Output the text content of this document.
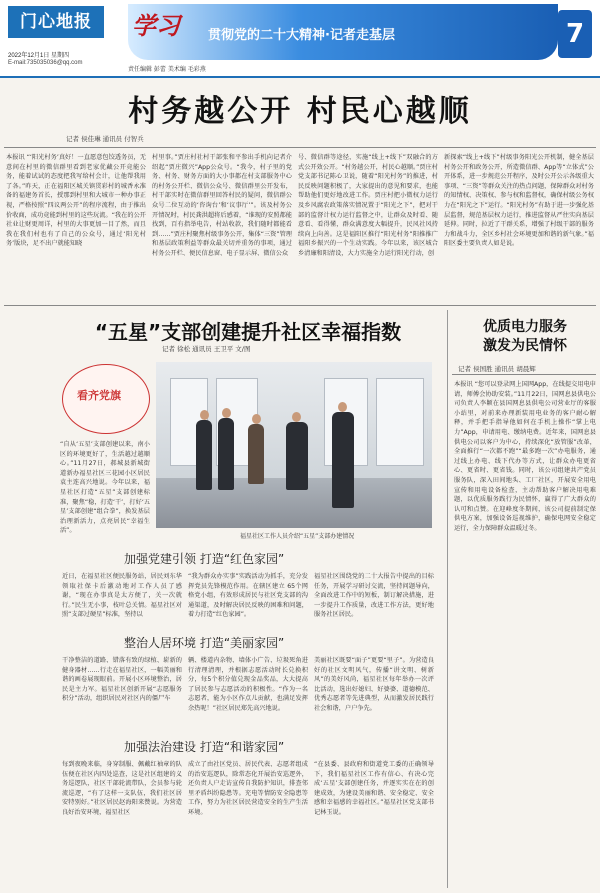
门心地报
2022年12月1日 星期四
E-mail:735035036@qq.com
学习 贯彻党的二十大精神·记者走基层	7
责任编辑 彭蕾 美术编 毛彩燕
村务越公开 村民心越顺
记者 侯佳琳 通讯员 付智兵
本报讯 “‘阳光村务’真好！一直愿意包饺透务员，无意间在村里的微信群里看到老家优藏公开竟能公务，能着试试的态度把我写给村会计，让他帮我用了各。”昨天，正在福阳区城关镇贯彩村的城香永准备的福建务首长，授那到村里和大城市一种办事正视，严格按照“四议两公开”的程序流程，由于推出价收商，成功竟能到村里的这些玩流。“我在的公开社业让财更周详，村里的大事更加一目了然，而且我在我们村也有了自己的公众号，通过‘阳光村务’版块，足不出户就能知晓
村里事。”贾庄村社村干部张和平参出手机向记者介绍起“贾庄微兴”App公众号。“我今，村子里的党务、村务、财务方面的大小事都在村支部服务中心的村务公开栏、微信公众号、微信群里公开发布，村干部实时在微信群里回答村民的疑问，微信群公众号二位互动的‘咨询台’和‘议事厅’”。该及村务公开情况时，村民龚洪超将后感着，“谁现的安照都能找到，百有指举电告，村站收款，我们随时都能看到……”贾庄村聚焦村级事务公开，集体“三资”管理和基层政策利益等群众最关切并重务的事项，通过村务公开栏、便民信息窗、电子显示屏、微信公众
号、微信群等途径，实施“线上+线下”双融合的方式公开效公开。“村务越公开，村民心越顺。”贾庄村党支部书记陈心卫说，随着“阳光村务”的推进，村民反映问题积极了，大家提出的意见和要求，也能帮助他们更好地改进工作。贾庄村把小微权力运行及乡风腐农政策落实情况置于“阳光之下”，把对干部的监督计权力运行监督之中，让群众及时看、随意看、看得懂，群众满意度大幅提升，民风社风持续向上向善。这是福阳区推行“阳光村务”阳推推广福阳乡振兴的一个生动实践。今年以来，该区城合乡清廉和阳清设，大力实施全力运行阳光行动，创
新探索“线上+线下”村级事务阳光公开机制，健全基层村务公开和政务公开，所造微信群、App等“立体式”公开体系，进一步规范公开程序，及时公开公示各级重大事项、“三资”等群众关注的热点问题，保障群众对村务的知情权、决策权、参与权和监督权，确保村级公务权力在“阳光之下”运行。“阳光村务”有助于进一步强化基层监督，规范基层权力运行，推进监督从严往实向基层延伸。同时，拉近了干群关系，增强了村级干部的服务力和战斗力，全区乡村社会环境更加和谐的新气象。”福阳区委主要负责人如是说。
“五星”支部创建提升社区幸福指数
记者 徐松 通讯员 王卫平 文/图
看齐党旗
“自从‘五星’支部创建以来，南小区的环境更好了，生活越过越顺心。”11月27日，郝城县新城街道新办福星社区三花园小区居民袁主连高兴地说。今年以来，福星社区打造“五星”支部创建标准，聚焦“稳，打造‘干’，打好‘五星’支部创建“组合拳”，换发基层治理新活力，点亮居民“幸福生活”。
福星社区工作人员介绍“五星”支部办建情况
加强党建引领 打造“红色家园”
近日，在福星社区便民服务站，居民刘东华领取社保卡后激动地对工作人员了感谢，“现在办事真是太方便了，关一次就行。”民生无小事，枝叶总关情。福星社区对照“支部过硬星”标准，坚持以
“我为群众办实事”实践活动为抓手，充分发挥党员先锋模范作用。在辖区建立 65个网格党小组，有效形成居民与社区党支部的沟通渠道，及时解决居民反映的困难和问题，着力打造“红色家园”。
福星社区围绕党的二十大报告中提出的目标任务，开展学习研讨交流，坚持问题导向，全面改进工作中的短板，制订解决措施，进一步提升工作质量，改进工作方法，更好地服务社区居民。
整治人居环境 打造“美丽家园”
干净整洁的道路、错落有致的绿植、崭新的健身器材……行走在福星社区，一幅美丽和谐的画卷展现眼前。开展小区环境整治，居民是主力军。福星社区创新开展“志愿服务积分”活动，组织居民对社区内的僵尸车
辆、楼道内杂物、墙体小广告、垃圾死角进行清理清理，并根据志愿活动时长兑换积分，每5个积分值兑现金品奖品，大大提高了居民参与志愿活动的积极性。“作为一名志愿者，能为小区作点儿贡献，也满足发挥余热呢！”社区居民郑先高兴地说。
美丽社区既要“面子”更要“里子”。为营造良好的社区文明风气，传播“讲文明、树新风”的美好风尚，福星社区每年举办一次评比活动，选出好媳妇、好婆婆、道德模范、优秀志愿者等先进典型，从而激发居民践行社会和谐，户户争先。
加强法治建设 打造“和谐家园”
每到夜晚来临，身穿制服、佩戴红袖章的队伍便在社区内四处巡查，这是社区组建的义务巡逻队，社区干部轮流带队，会员参与轮流巡逻，“有了这样一支队伍，我们社区居安特别好。”社区居民赵海阳来赞说。为营造良好治安环境，福星社区
成立了由社区党员、居民代表、志愿者组成的治安巡逻队，除常态化开展治安巡逻外，还负责人户走访宣传自我防护知识，排查邻里矛盾纠纷隐患等。充电等情防安全隐患等工作，努力为社区居民营造安全的生产生活环境。
“在县委、县政府和街道党工委的正确领导下，我们福星社区工作有信心、有决心完成‘五星’支部创建任务，并逐实实在在的创建成效，为建设美丽和谐、安全稳定、安全感和幸福感的幸福社区。”福星社区党支部书记林玉说。
优质电力服务
激发为民情怀
记者 侯国胜 通讯员 胡晨辉
本报讯 “您可以登录网上国网App，在线提交用电申请，师傅会协助安装。”11月22日，国网息县供电公司负责人李颖在县国网息县供电公司营业厅的客服小站里，对前来办理新装用电业务的客户耐心解释，并手把手指导他如何在手机上操作“掌上电力”App，申请用电、缴纳电费。近年来，国网息县供电公司以客户为中心，持续深化“放管服”改革，全面推行“一次都不跑”“最多跑一次”办电服务，通过线上办电、线下代办等方式，让群众办电更省心、更省时、更省钱。同时，该公司组建共产党员服务队，深入田间地头、工厂社区，开展安全用电宣传和用电设备检查，主动帮助客户解决用电难题，以优质服务践行为民情怀，赢得了广大群众的认可和点赞。在迎峰度冬期间，该公司提前制定保供电方案，加强设备巡视维护，确保电网安全稳定运行，全力保障群众温暖过冬。
